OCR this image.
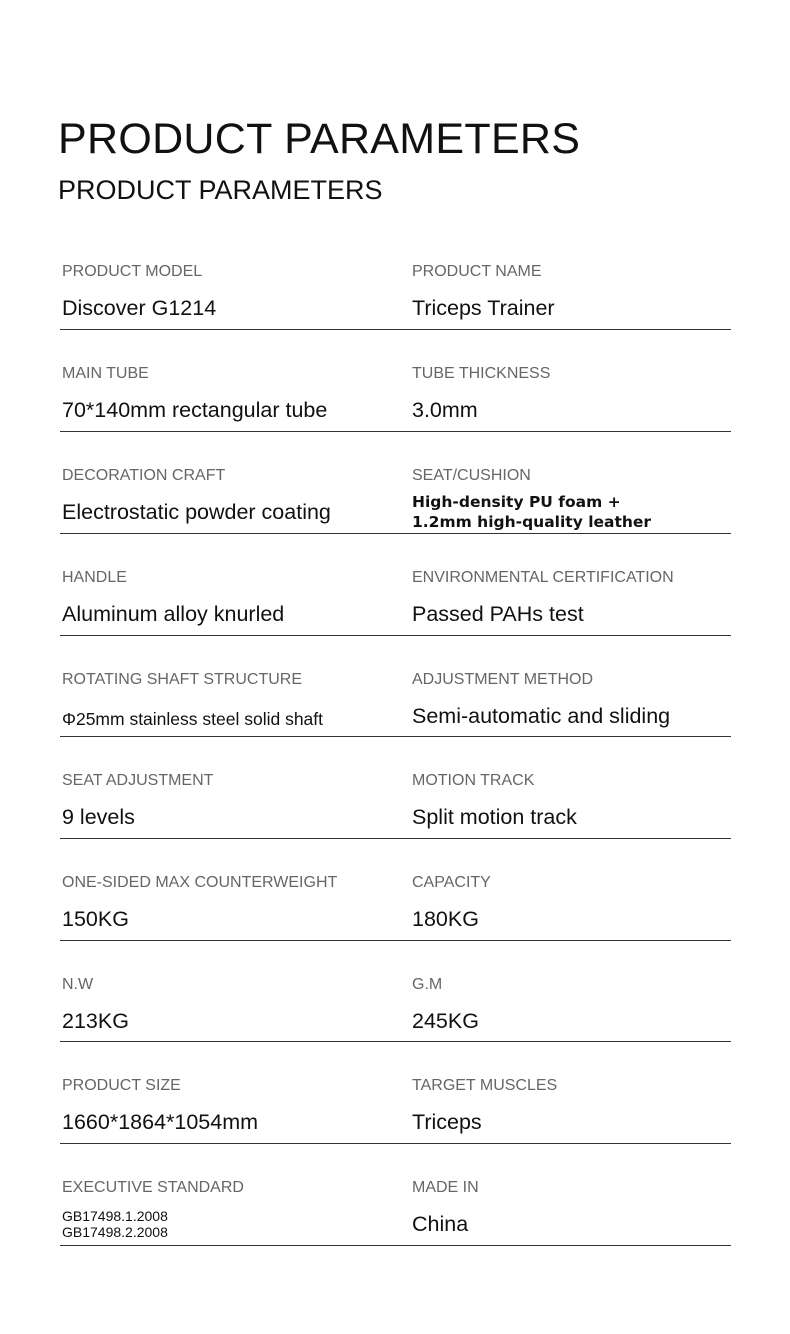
PRODUCT PARAMETERS
PRODUCT PARAMETERS
PRODUCT MODEL
Discover G1214
PRODUCT NAME
Triceps Trainer
MAIN TUBE
70*140mm rectangular tube
TUBE THICKNESS
3.0mm
DECORATION CRAFT
Electrostatic powder coating
SEAT/CUSHION
High-density PU foam +
1.2mm high-quality leather
HANDLE
Aluminum alloy knurled
ENVIRONMENTAL CERTIFICATION
Passed PAHs test
ROTATING SHAFT STRUCTURE
Φ25mm stainless steel solid shaft
ADJUSTMENT METHOD
Semi-automatic and sliding
SEAT ADJUSTMENT
9 levels
MOTION TRACK
Split motion track
ONE-SIDED MAX COUNTERWEIGHT
150KG
CAPACITY
180KG
N.W
213KG
G.M
245KG
PRODUCT SIZE
1660*1864*1054mm
TARGET MUSCLES
Triceps
EXECUTIVE STANDARD
GB17498.1.2008
GB17498.2.2008
MADE IN
China
